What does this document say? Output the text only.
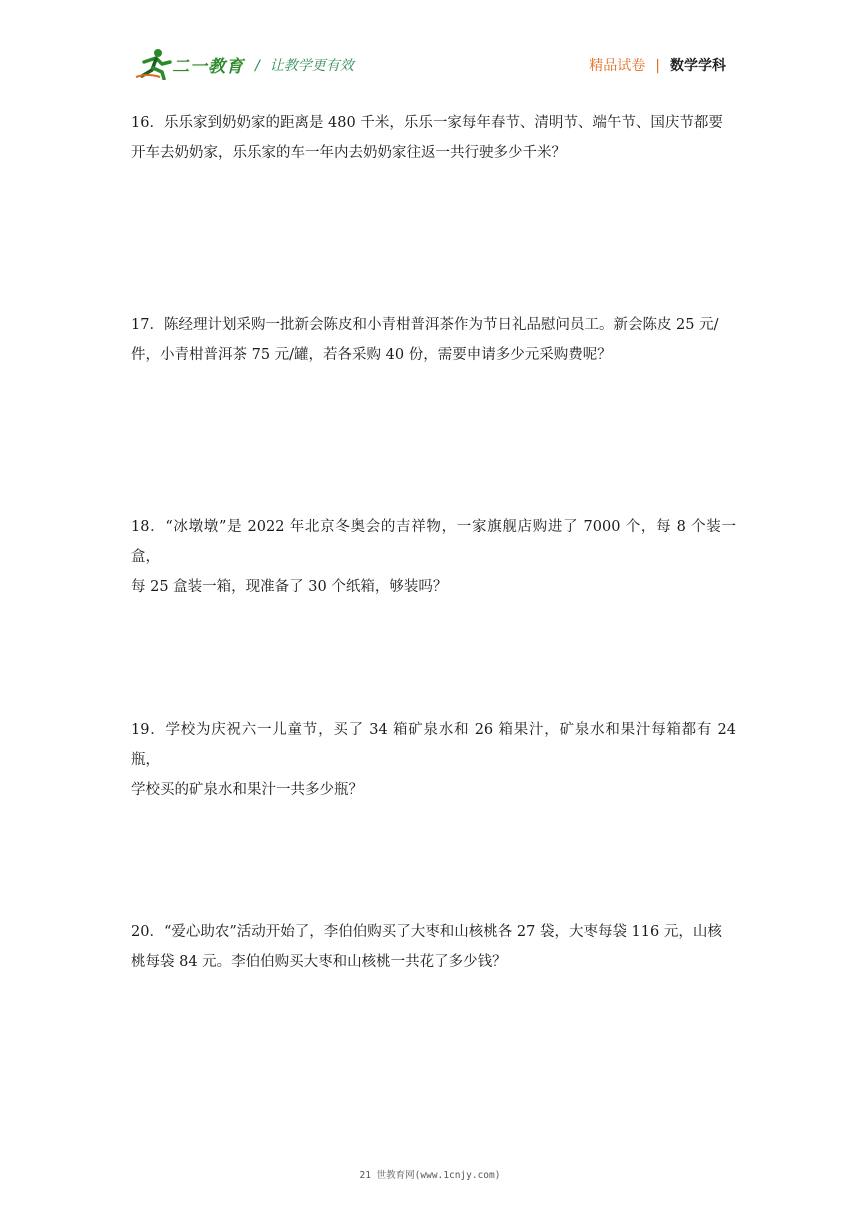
二一教育 / 让教学更有效	精品试卷 | 数学学科

16．乐乐家到奶奶家的距离是 480 千米，乐乐一家每年春节、清明节、端午节、国庆节都要

开车去奶奶家，乐乐家的车一年内去奶奶家往返一共行驶多少千米？

17．陈经理计划采购一批新会陈皮和小青柑普洱茶作为节日礼品慰问员工。新会陈皮 25 元/

件，小青柑普洱茶 75 元/罐，若各采购 40 份，需要申请多少元采购费呢？

18．“冰墩墩”是 2022 年北京冬奥会的吉祥物，一家旗舰店购进了 7000 个，每 8 个装一盒，

每 25 盒装一箱，现准备了 30 个纸箱，够装吗？

19．学校为庆祝六一儿童节，买了 34 箱矿泉水和 26 箱果汁，矿泉水和果汁每箱都有 24 瓶，

学校买的矿泉水和果汁一共多少瓶？

20．“爱心助农”活动开始了，李伯伯购买了大枣和山核桃各 27 袋，大枣每袋 116 元，山核

桃每袋 84 元。李伯伯购买大枣和山核桃一共花了多少钱？

21 世教育网(www.1cnjy.com)
